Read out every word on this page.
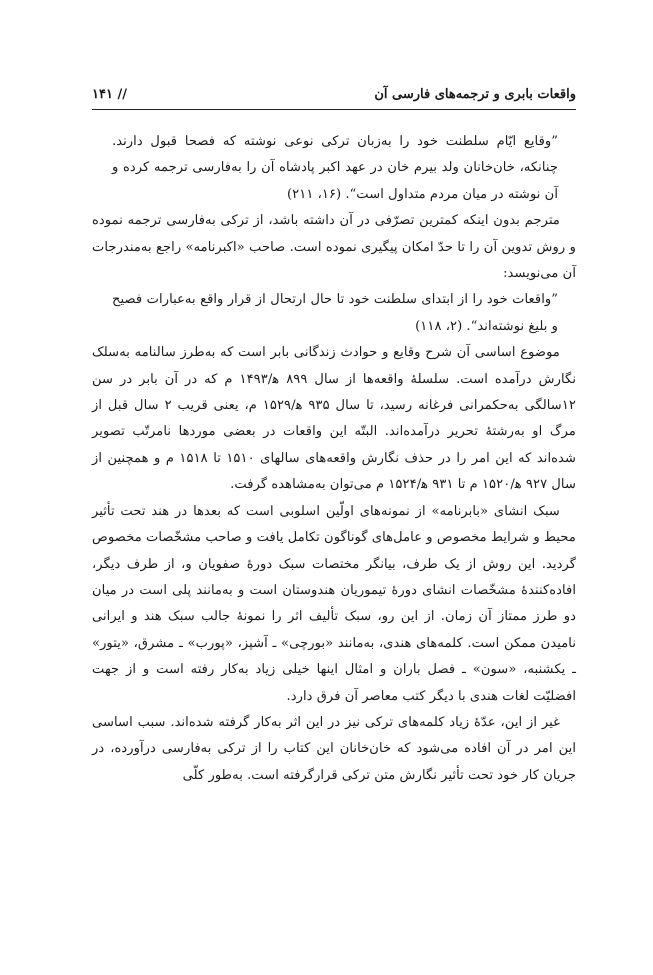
واقعات بابری و ترجمه‌های فارسی آن
// ۱۴۱

”وقایع ایّام سلطنت خود را به‌زبان ترکی نوعی نوشته که فصحا قبول دارند. چنانکه، خان‌خانان ولد بیرم خان در عهد اکبر پادشاه آن را به‌فارسی ترجمه کرده و آن نوشته در میان مردم متداول است“. (۱۶، ۲۱۱)

مترجم بدون اینکه کمترین تصرّفی در آن داشته باشد، از ترکی به‌فارسی ترجمه نموده و روش تدوین آن را تا حدّ امکان پیگیری نموده است. صاحب «اکبرنامه» راجع به‌مندرجات آن می‌نویسد:

”واقعات خود را از ابتدای سلطنت خود تا حال ارتحال از قرار واقع به‌عبارات فصیح و بلیغ نوشته‌اند“. (۲، ۱۱۸)

موضوع اساسی آن شرح وقایع و حوادث زندگانی بابر است که به‌طرز سالنامه به‌سلک نگارش درآمده است. سلسلهٔ واقعه‌ها از سال ۸۹۹ ه‍/۱۴۹۳ م که در آن بابر در سن ۱۲سالگی به‌حکمرانی فرغانه رسید، تا سال ۹۳۵ ه‍/۱۵۲۹ م، یعنی قریب ۲ سال قبل از مرگ او به‌رشتهٔ تحریر درآمده‌اند. البتّه این واقعات در بعضی موردها نامرتّب تصویر شده‌اند که این امر را در حذف نگارش واقعه‌های سالهای ۱۵۱۰ تا ۱۵۱۸ م و همچنین از سال ۹۲۷ ه‍/۱۵۲۰ م تا ۹۳۱ ه‍/۱۵۲۴ م می‌توان به‌مشاهده گرفت.

سبک انشای «بابرنامه» از نمونه‌های اولّین اسلوبی است که بعدها در هند تحت تأثیر محیط و شرایط مخصوص و عامل‌های گوناگون تکامل یافت و صاحب مشخّصات مخصوص گردید. این روش از یک طرف، بیانگر مختصات سبک دورهٔ صفویان و، از طرف دیگر، افاده‌کنندهٔ مشخّصات انشای دورهٔ تیموریان هندوستان است و به‌مانند پلی است در میان دو طرز ممتاز آن زمان. از این رو، سبک تألیف اثر را نمونهٔ جالب سبک هند و ایرانی نامیدن ممکن است. کلمه‌های هندی، به‌مانند «بورچی» ـ آشپز، «پورب» ـ مشرق، «یتور» ـ یکشنبه، «سون» ـ فصل باران و امثال اینها خیلی زیاد به‌کار رفته است و از جهت افضلیّت لغات هندی با دیگر کتب معاصر آن فرق دارد.

غیر از این، عدّهٔ زیاد کلمه‌های ترکی نیز در این اثر به‌کار گرفته شده‌اند. سبب اساسی این امر در آن افاده می‌شود که خان‌خانان این کتاب را از ترکی به‌فارسی درآورده، در جریان کار خود تحت تأثیر نگارش متن ترکی قرارگرفته است. به‌طور کلّی
